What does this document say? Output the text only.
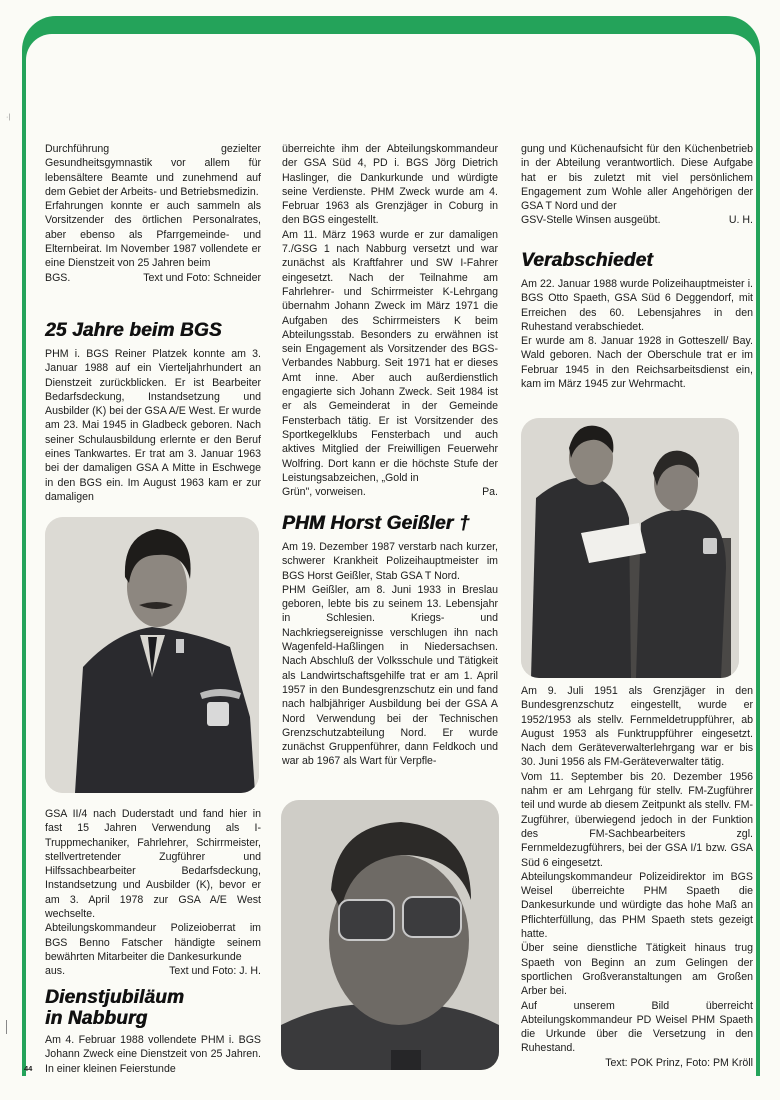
·|

Durchführung gezielter Gesundheitsgymnastik vor allem für lebensältere Beamte und zunehmend auf dem Gebiet der Arbeits- und Betriebsmedizin.

Erfahrungen konnte er auch sammeln als Vorsitzender des örtlichen Personalrates, aber ebenso als Pfarrgemeinde- und Elternbeirat. Im November 1987 vollendete er eine Dienstzeit von 25 Jahren beim

BGS.	Text und Foto: Schneider

25 Jahre beim BGS

PHM i. BGS Reiner Platzek konnte am 3. Januar 1988 auf ein Vierteljahrhundert an Dienstzeit zurückblicken. Er ist Bearbeiter Bedarfsdeckung, Instandsetzung und Ausbilder (K) bei der GSA A/E West. Er wurde am 23. Mai 1945 in Gladbeck geboren. Nach seiner Schulausbildung erlernte er den Beruf eines Tankwartes. Er trat am 3. Januar 1963 bei der damaligen GSA A Mitte in Eschwege in den BGS ein. Im August 1963 kam er zur damaligen

GSA II/4 nach Duderstadt und fand hier in fast 15 Jahren Verwendung als I-Truppmechaniker, Fahrlehrer, Schirrmeister, stellvertretender Zugführer und Hilfssachbearbeiter Bedarfsdeckung, Instandsetzung und Ausbilder (K), bevor er am 3. April 1978 zur GSA A/E West wechselte.

Abteilungskommandeur Polizeioberrat im BGS Benno Fatscher händigte seinem bewährten Mitarbeiter die Dankesurkunde

aus.	Text und Foto: J. H.

Dienstjubiläum
in Nabburg

Am 4. Februar 1988 vollendete PHM i. BGS Johann Zweck eine Dienstzeit von 25 Jahren. In einer kleinen Feierstunde

44

überreichte ihm der Abteilungskommandeur der GSA Süd 4, PD i. BGS Jörg Dietrich Haslinger, die Dankurkunde und würdigte seine Verdienste. PHM Zweck wurde am 4. Februar 1963 als Grenzjäger in Coburg in den BGS eingestellt.

Am 11. März 1963 wurde er zur damaligen 7./GSG 1 nach Nabburg versetzt und war zunächst als Kraftfahrer und SW I-Fahrer eingesetzt. Nach der Teilnahme am Fahrlehrer- und Schirrmeister K-Lehrgang übernahm Johann Zweck im März 1971 die Aufgaben des Schirrmeisters K beim Abteilungsstab. Besonders zu erwähnen ist sein Engagement als Vorsitzender des BGS-Verbandes Nabburg. Seit 1971 hat er dieses Amt inne. Aber auch außerdienstlich engagierte sich Johann Zweck. Seit 1984 ist er als Gemeinderat in der Gemeinde Fensterbach tätig. Er ist Vorsitzender des Sportkegelklubs Fensterbach und auch aktives Mitglied der Freiwilligen Feuerwehr Wolfring. Dort kann er die höchste Stufe der Leistungsabzeichen, „Gold in

Grün", vorweisen.	Pa.

PHM Horst Geißler †

Am 19. Dezember 1987 verstarb nach kurzer, schwerer Krankheit Polizeihauptmeister im BGS Horst Geißler, Stab GSA T Nord.

PHM Geißler, am 8. Juni 1933 in Breslau geboren, lebte bis zu seinem 13. Lebensjahr in Schlesien. Kriegs- und Nachkriegsereignisse verschlugen ihn nach Wagenfeld-Haßlingen in Niedersachsen. Nach Abschluß der Volksschule und Tätigkeit als Landwirtschaftsgehilfe trat er am 1. April 1957 in den Bundesgrenzschutz ein und fand nach halbjähriger Ausbildung bei der GSA A Nord Verwendung bei der Technischen Grenzschutzabteilung Nord. Er wurde zunächst Gruppenführer, dann Feldkoch und war ab 1967 als Wart für Verpfle-

gung und Küchenaufsicht für den Küchenbetrieb in der Abteilung verantwortlich. Diese Aufgabe hat er bis zuletzt mit viel persönlichem Engagement zum Wohle aller Angehörigen der GSA T Nord und der

GSV-Stelle Winsen ausgeübt.	U. H.

Verabschiedet

Am 22. Januar 1988 wurde Polizeihauptmeister i. BGS Otto Spaeth, GSA Süd 6 Deggendorf, mit Erreichen des 60. Lebensjahres in den Ruhestand verabschiedet.

Er wurde am 8. Januar 1928 in Gotteszell/ Bay. Wald geboren. Nach der Oberschule trat er im Februar 1945 in den Reichsarbeitsdienst ein, kam im März 1945 zur Wehrmacht.

Am 9. Juli 1951 als Grenzjäger in den Bundesgrenzschutz eingestellt, wurde er 1952/1953 als stellv. Fernmeldetruppführer, ab August 1953 als Funktruppführer eingesetzt. Nach dem Geräteverwalterlehrgang war er bis 30. Juni 1956 als FM-Geräteverwalter tätig.

Vom 11. September bis 20. Dezember 1956 nahm er am Lehrgang für stellv. FM-Zugführer teil und wurde ab diesem Zeitpunkt als stellv. FM-Zugführer, überwiegend jedoch in der Funktion des FM-Sachbearbeiters zgl. Fernmeldezugführers, bei der GSA I/1 bzw. GSA Süd 6 eingesetzt.

Abteilungskommandeur Polizeidirektor im BGS Weisel überreichte PHM Spaeth die Dankesurkunde und würdigte das hohe Maß an Pflichterfüllung, das PHM Spaeth stets gezeigt hatte.

Über seine dienstliche Tätigkeit hinaus trug Spaeth von Beginn an zum Gelingen der sportlichen Großveranstaltungen am Großen Arber bei.

Auf unserem Bild überreicht Abteilungskommandeur PD Weisel PHM Spaeth die Urkunde über die Versetzung in den Ruhestand.

Text: POK Prinz, Foto: PM Kröll
